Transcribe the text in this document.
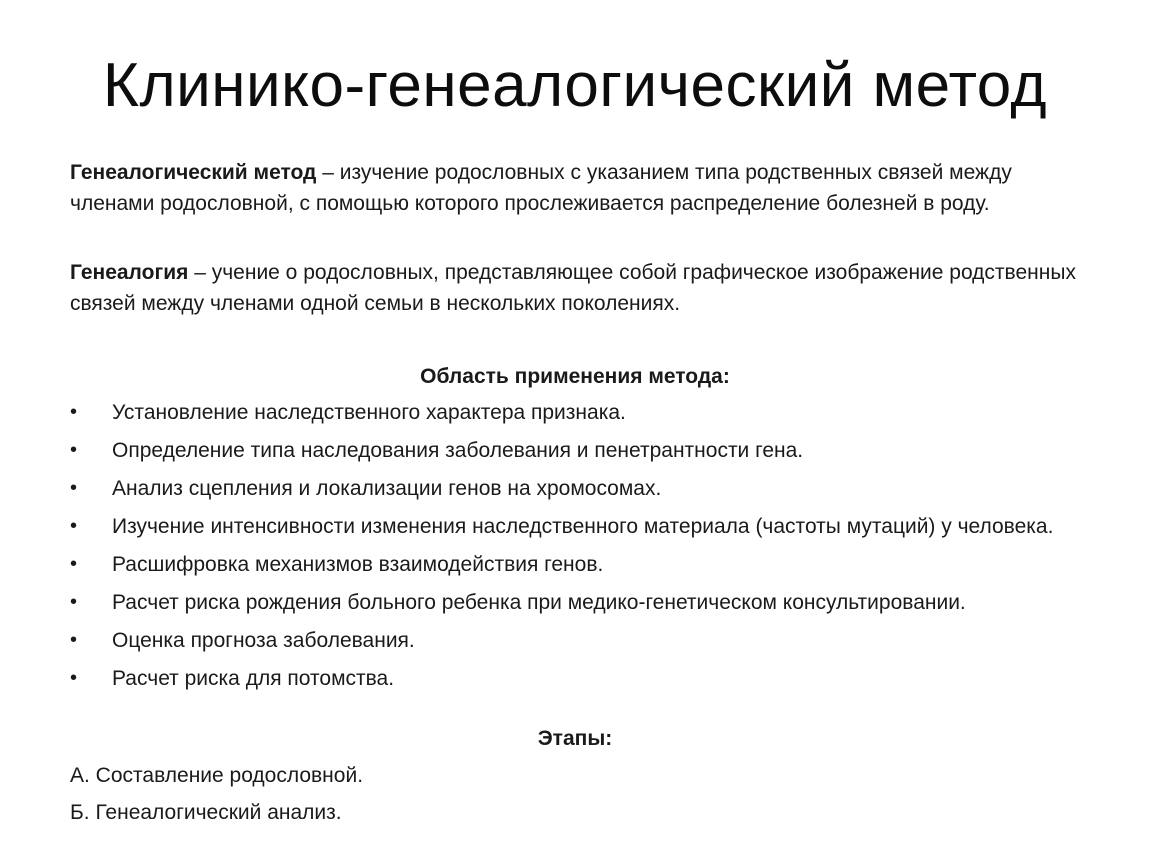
Клинико-генеалогический метод
Генеалогический метод – изучение родословных с указанием типа родственных связей между членами родословной, с помощью которого прослеживается распределение болезней в роду.
Генеалогия – учение о родословных, представляющее собой графическое изображение родственных связей между членами одной семьи в нескольких поколениях.
Область применения метода:
•	Установление наследственного характера признака.
•	Определение типа наследования заболевания и пенетрантности гена.
•	Анализ сцепления и локализации генов на хромосомах.
•	Изучение интенсивности изменения наследственного материала (частоты мутаций) у человека.
•	Расшифровка механизмов взаимодействия генов.
•	Расчет риска рождения больного ребенка при медико-генетическом консультировании.
•	Оценка прогноза заболевания.
•	Расчет риска для потомства.
Этапы:
А. Составление родословной.
Б. Генеалогический анализ.
